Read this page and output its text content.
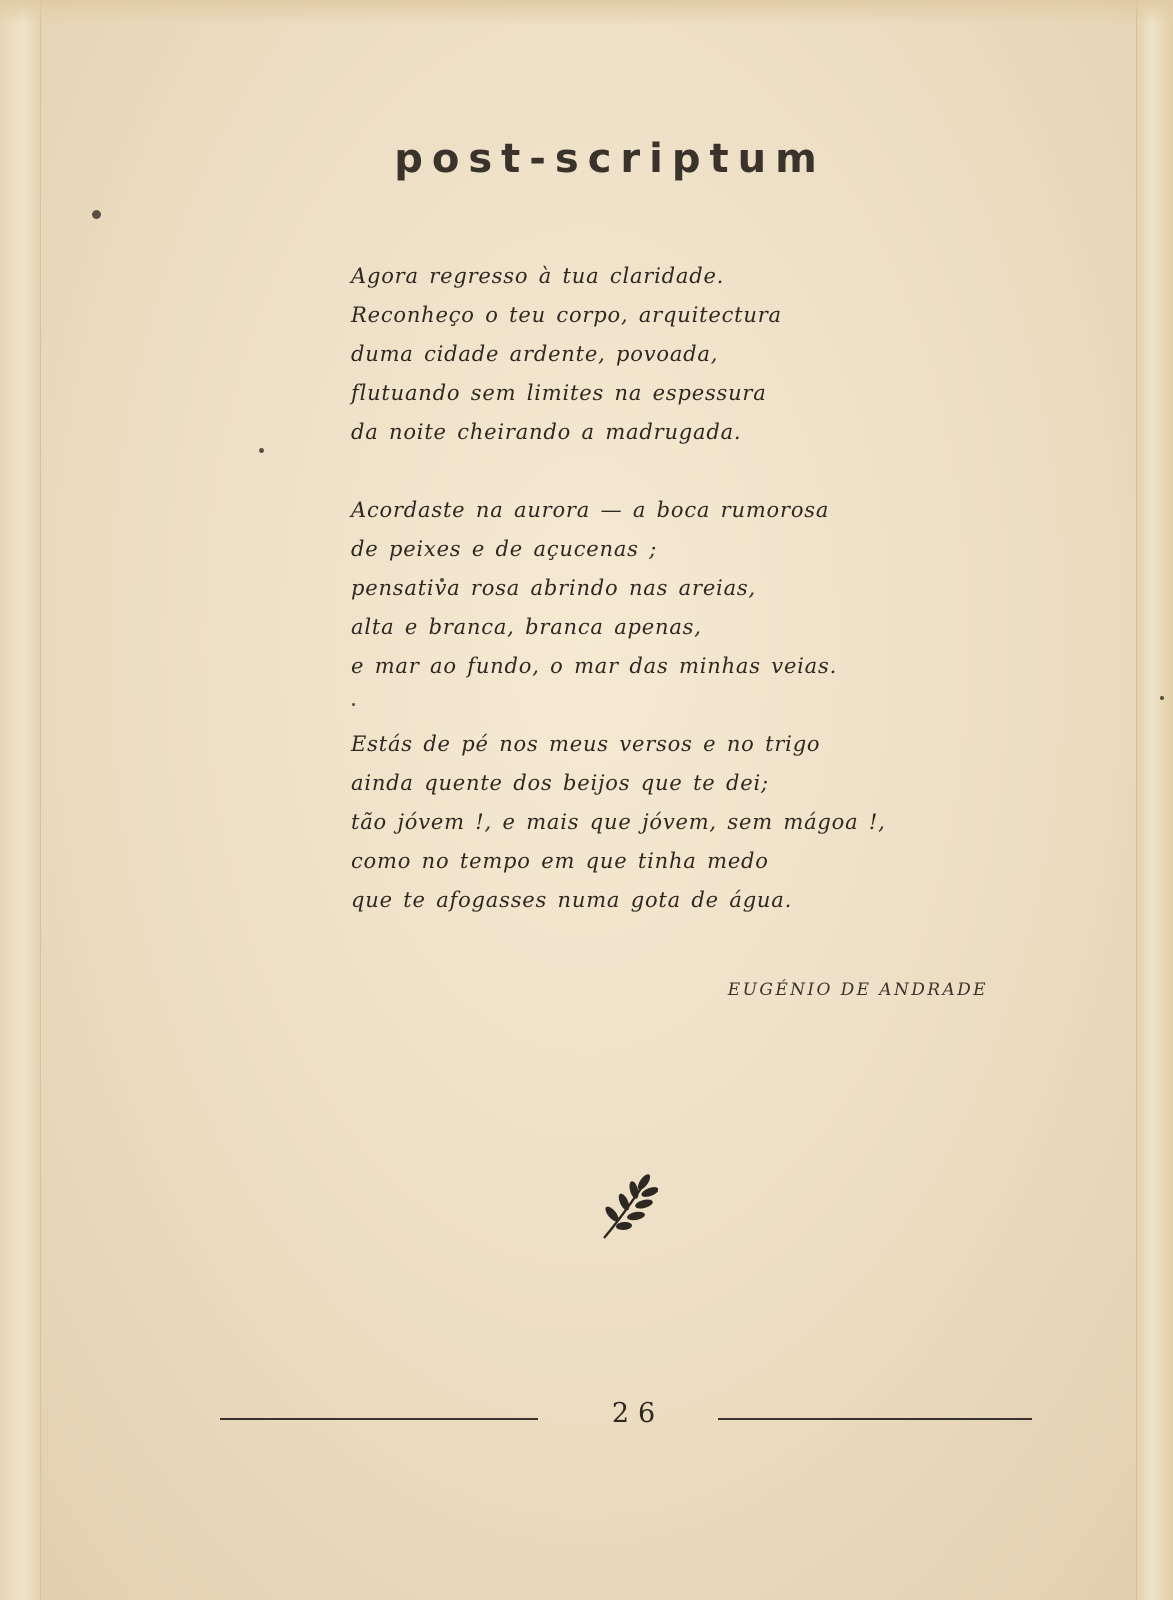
post-scriptum
Agora regresso à tua claridade.
Reconheço o teu corpo, arquitectura
duma cidade ardente, povoada,
flutuando sem limites na espessura
da noite cheirando a madrugada.
Acordaste na aurora — a boca rumorosa
de peixes e de açucenas ;
pensativa rosa abrindo nas areias,
alta e branca, branca apenas,
e mar ao fundo, o mar das minhas veias.
Estás de pé nos meus versos e no trigo
ainda quente dos beijos que te dei;
tão jóvem !, e mais que jóvem, sem mágoa !,
como no tempo em que tinha medo
que te afogasses numa gota de água.
EUGÉNIO DE ANDRADE
26
